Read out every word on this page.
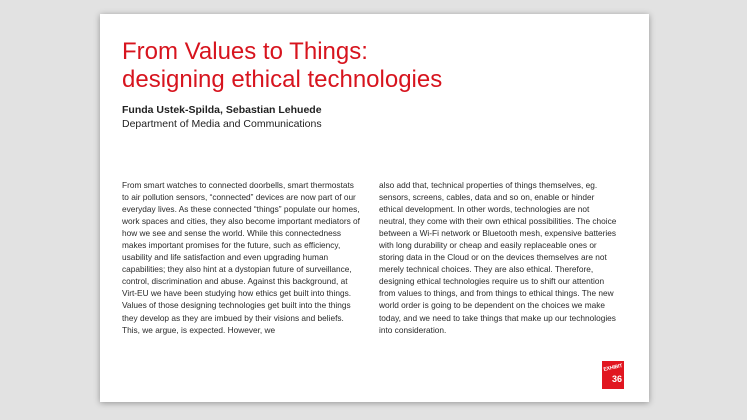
From Values to Things:
designing ethical technologies
Funda Ustek-Spilda, Sebastian Lehuede
Department of Media and Communications

From smart watches to connected doorbells, smart thermostats to air pollution sensors, “connected” devices are now part of our everyday lives. As these connected “things” populate our homes, work spaces and cities, they also become important mediators of how we see and sense the world. While this connectedness makes important promises for the future, such as efficiency, usability and life satisfaction and even upgrading human capabilities; they also hint at a dystopian future of surveillance, control, discrimination and abuse. Against this background, at Virt-EU we have been studying how ethics get built into things. Values of those designing technologies get built into the things they develop as they are imbued by their visions and beliefs. This, we argue, is expected. However, we

also add that, technical properties of things themselves, eg. sensors, screens, cables, data and so on, enable or hinder ethical development. In other words, technologies are not neutral, they come with their own ethical possibilities. The choice between a Wi-Fi network or Bluetooth mesh, expensive batteries with long durability or cheap and easily replaceable ones or storing data in the Cloud or on the devices themselves are not merely technical choices. They are also ethical. Therefore, designing ethical technologies require us to shift our attention from values to things, and from things to ethical things. The new world order is going to be dependent on the choices we make today, and we need to take things that make up our technologies into consideration.

EXHIBIT
36
